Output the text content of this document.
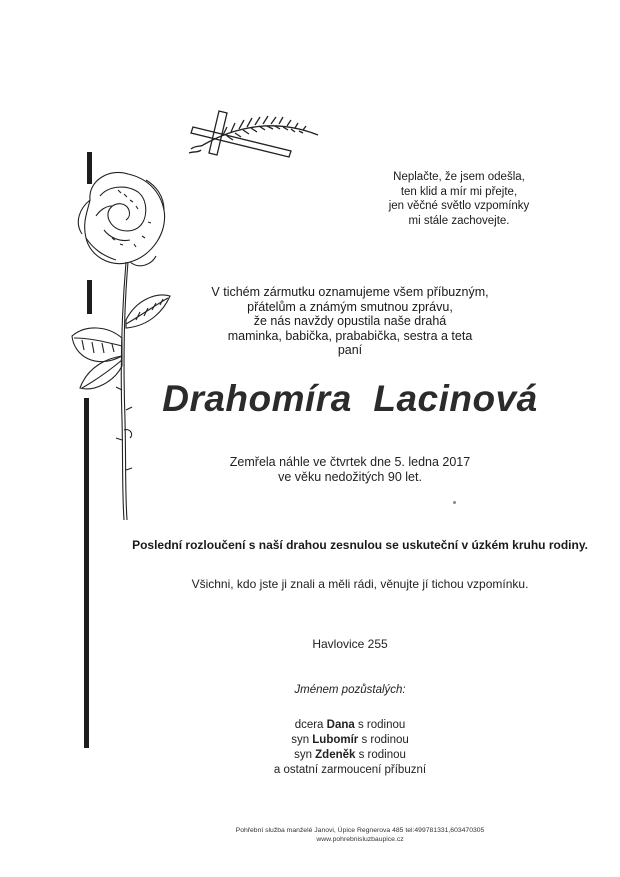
Neplačte, že jsem odešla,
ten klid a mír mi přejte,
jen věčné světlo vzpomínky
mi stále zachovejte.
V tichém zármutku oznamujeme všem příbuzným,
přátelům a známým smutnou zprávu,
že nás navždy opustila naše drahá
maminka, babička, prababička, sestra a teta
paní
Drahomíra  Lacinová
Zemřela náhle ve čtvrtek dne 5. ledna 2017
ve věku nedožitých 90 let.
Poslední rozloučení s naší drahou zesnulou se uskuteční v úzkém kruhu rodiny.
Všichni, kdo jste ji znali a měli rádi, věnujte jí tichou vzpomínku.
Havlovice 255
Jménem pozůstalých:
dcera Dana s rodinou
syn Lubomír s rodinou
syn Zdeněk s rodinou
a ostatní zarmoucení příbuzní
Pohřební služba manželé Janovi, Úpice Regnerova 485 tel:499781331,603470305
www.pohrebnisluzbaupice.cz
